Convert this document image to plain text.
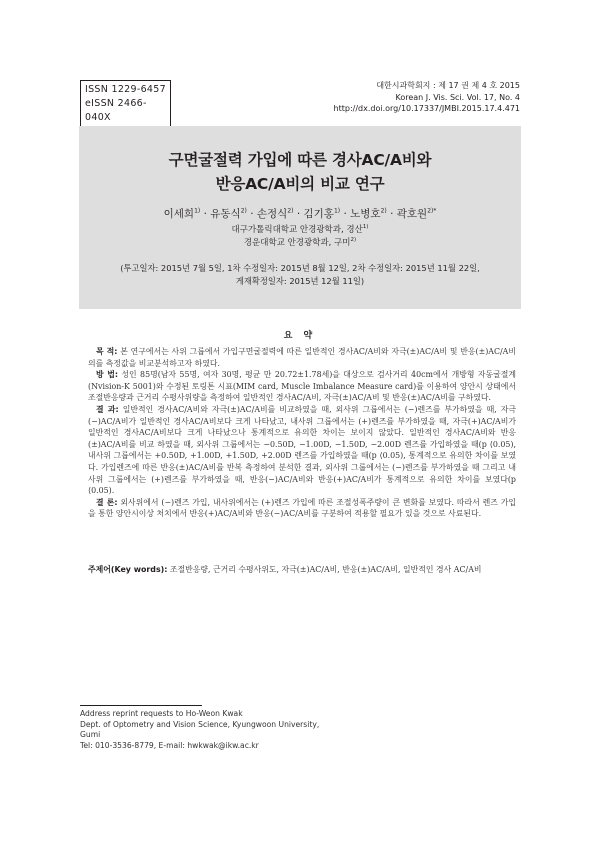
ISSN 1229-6457
eISSN 2466-040X
대한시과학회지 : 제 17 권 제 4 호 2015
Korean J. Vis. Sci. Vol. 17, No. 4
http://dx.doi.org/10.17337/JMBI.2015.17.4.471
구면굴절력 가입에 따른 경사AC/A비와
반응AC/A비의 비교 연구
이세희$^{1)}$ · 유동식$^{2)}$ · 손정식$^{2)}$ · 김기홍$^{1)}$ · 노병호$^{2)}$ · 곽호원$^{2)*}$
대구가톨릭대학교 안경광학과, 경산$^{1)}$
경운대학교 안경광학과, 구미$^{2)}$
(투고일자: 2015년 7월 5일, 1차 수정일자: 2015년 8월 12일, 2차 수정일자: 2015년 11월 22일,
게재확정일자: 2015년 12월 11일)
요 약

목 적: 본 연구에서는 사위 그룹에서 가입구면굴절력에 따른 일반적인 경사AC/A비와 자극(±)AC/A비 및 반응(±)AC/A비의를 측정값을 비교분석하고자 하였다.

방 법: 성인 85명(남자 55명, 여자 30명, 평균 만 20.72±1.78세)을 대상으로 검사거리 40cm에서 개방형 자동굴절계(Nvision-K 5001)와 수정된 토링톤 시표(MIM card, Muscle Imbalance Measure card)를 이용하여 양안시 상태에서 조절반응량과 근거리 수평사위량을 측정하여 일반적인 경사AC/A비, 자극(±)AC/A비 및 반응(±)AC/A비를 구하였다.

결 과: 일반적인 경사AC/A비와 자극(±)AC/A비를 비교하였을 때, 외사위 그룹에서는 (−)렌즈를 부가하였을 때, 자극(−)AC/A비가 일반적인 경사AC/A비보다 크게 나타났고, 내사위 그룹에서는 (+)렌즈를 부가하였을 때, 자극(+)AC/A비가 일반적인 경사AC/A비보다 크게 나타났으나 통계적으로 유의한 차이는 보이지 않았다. 일반적인 경사AC/A비와 반응(±)AC/A비를 비교 하였을 때, 외사위 그룹에서는 −0.50D, −1.00D, −1.50D, −2.00D 렌즈를 가입하였을 때(p ⟨0.05), 내사위 그룹에서는 +0.50D, +1.00D, +1.50D, +2.00D 렌즈를 가입하였을 때(p ⟨0.05), 통계적으로 유의한 차이를 보였다. 가입렌즈에 따른 반응(±)AC/A비를 반복 측정하여 분석한 결과, 외사위 그룹에서는 (−)렌즈를 부가하였을 때 그리고 내사위 그룹에서는 (+)렌즈를 부가하였을 때, 반응(−)AC/A비와 반응(+)AC/A비가 통계적으로 유의한 차이를 보였다(p ⟨0.05).

결 론: 외사위에서 (−)렌즈 가입, 내사위에서는 (+)렌즈 가입에 따른 조절성폭주량이 큰 변화를 보였다. 따라서 렌즈 가입을 통한 양안시이상 처치에서 반응(+)AC/A비와 반응(−)AC/A비를 구분하여 적용할 필요가 있을 것으로 사료된다.

주제어(Key words): 조절반응량, 근거리 수평사위도, 자극(±)AC/A비, 반응(±)AC/A비, 일반적인 경사 AC/A비
Address reprint requests to Ho-Weon Kwak
Dept. of Optometry and Vision Science, Kyungwoon University, Gumi
Tel: 010-3536-8779, E-mail: hwkwak@ikw.ac.kr
